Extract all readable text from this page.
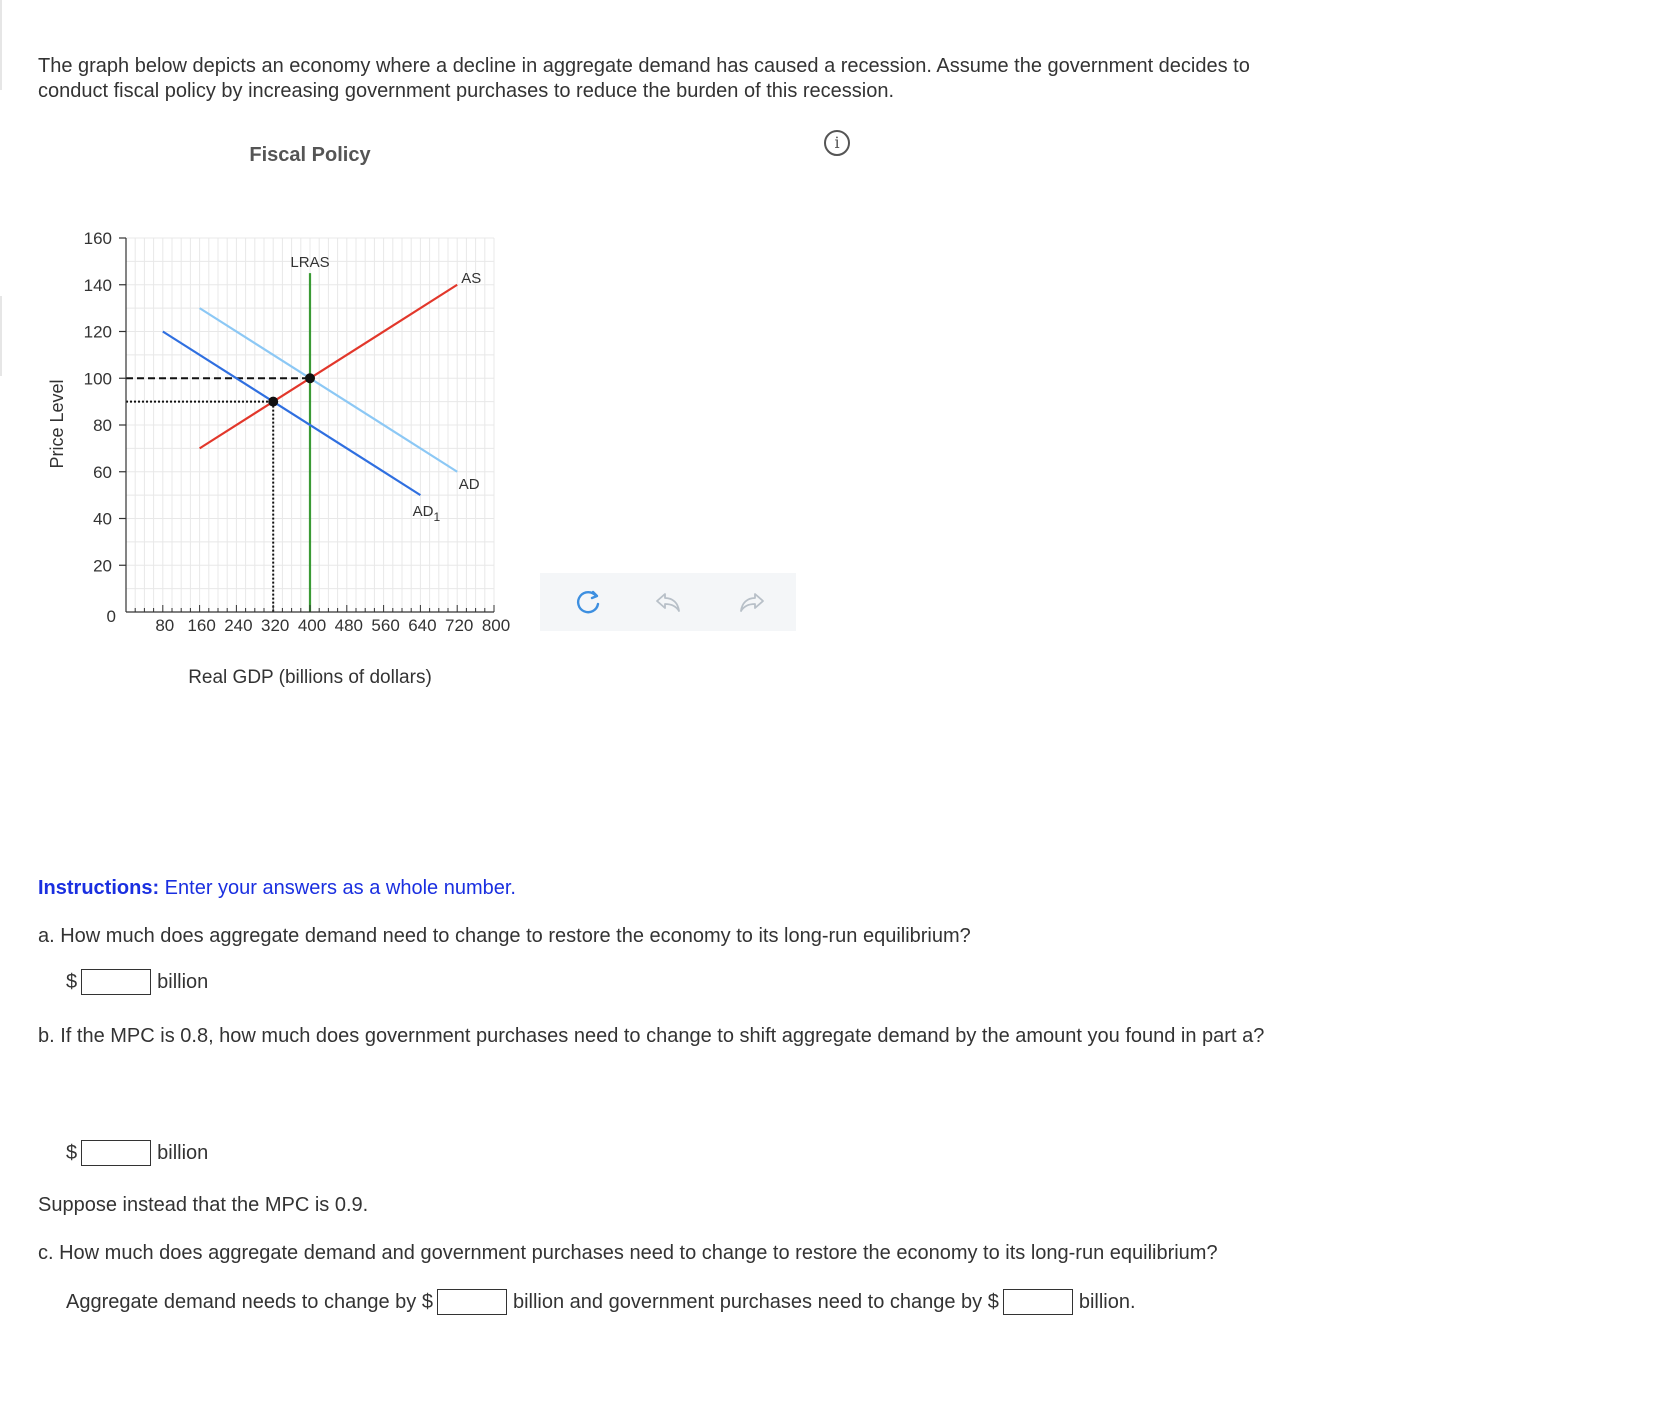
The graph below depicts an economy where a decline in aggregate demand has caused a recession. Assume the government decides to conduct fiscal policy by increasing government purchases to reduce the burden of this recession.
i
Fiscal Policy
0
20
40
60
80
100
120
140
160
80 160 240 320 400 480 560 640 720 800
LRAS
AS
AD
$AD_1$
Real GDP (billions of dollars)
Price Level
Instructions: Enter your answers as a whole number.
a. How much does aggregate demand need to change to restore the economy to its long-run equilibrium?
$	billion
b. If the MPC is 0.8, how much does government purchases need to change to shift aggregate demand by the amount you found in part a?
$	billion
Suppose instead that the MPC is 0.9.
c. How much does aggregate demand and government purchases need to change to restore the economy to its long-run equilibrium?
Aggregate demand needs to change by $	billion and government purchases need to change by $	billion.
